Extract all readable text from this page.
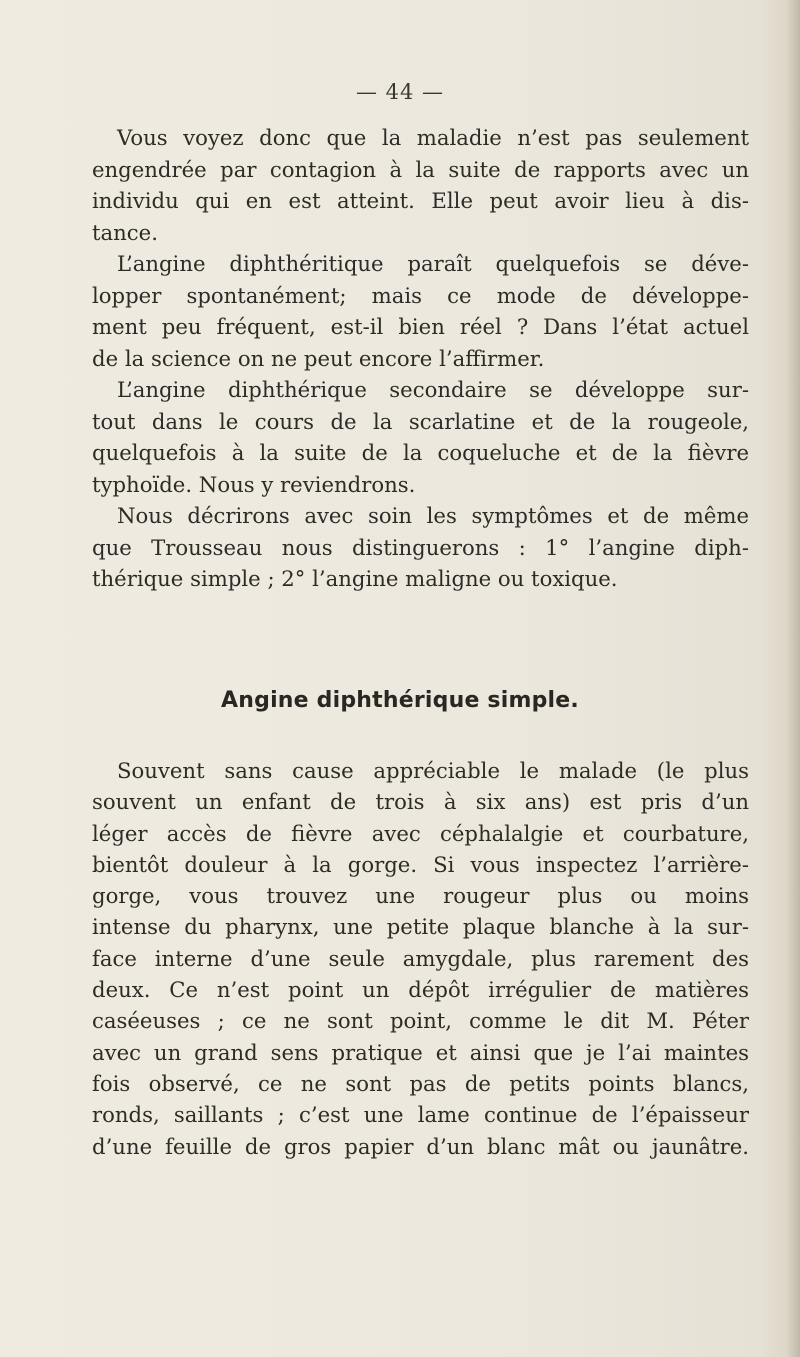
— 44 —
Vous voyez donc que la maladie n’est pas seulement
engendrée par contagion à la suite de rapports avec un
individu qui en est atteint. Elle peut avoir lieu à dis-
tance.
L’angine diphthéritique paraît quelquefois se déve-
lopper spontanément; mais ce mode de développe-
ment peu fréquent, est-il bien réel ? Dans l’état actuel
de la science on ne peut encore l’affirmer.
L’angine diphthérique secondaire se développe sur-
tout dans le cours de la scarlatine et de la rougeole,
quelquefois à la suite de la coqueluche et de la fièvre
typhoïde. Nous y reviendrons.
Nous décrirons avec soin les symptômes et de même
que Trousseau nous distinguerons : 1° l’angine diph-
thérique simple ; 2° l’angine maligne ou toxique.
Angine diphthérique simple.
Souvent sans cause appréciable le malade (le plus
souvent un enfant de trois à six ans) est pris d’un
léger accès de fièvre avec céphalalgie et courbature,
bientôt douleur à la gorge. Si vous inspectez l’arrière-
gorge, vous trouvez une rougeur plus ou moins
intense du pharynx, une petite plaque blanche à la sur-
face interne d’une seule amygdale, plus rarement des
deux. Ce n’est point un dépôt irrégulier de matières
caséeuses ; ce ne sont point, comme le dit M. Péter
avec un grand sens pratique et ainsi que je l’ai maintes
fois observé, ce ne sont pas de petits points blancs,
ronds, saillants ; c’est une lame continue de l’épaisseur
d’une feuille de gros papier d’un blanc mât ou jaunâtre.
